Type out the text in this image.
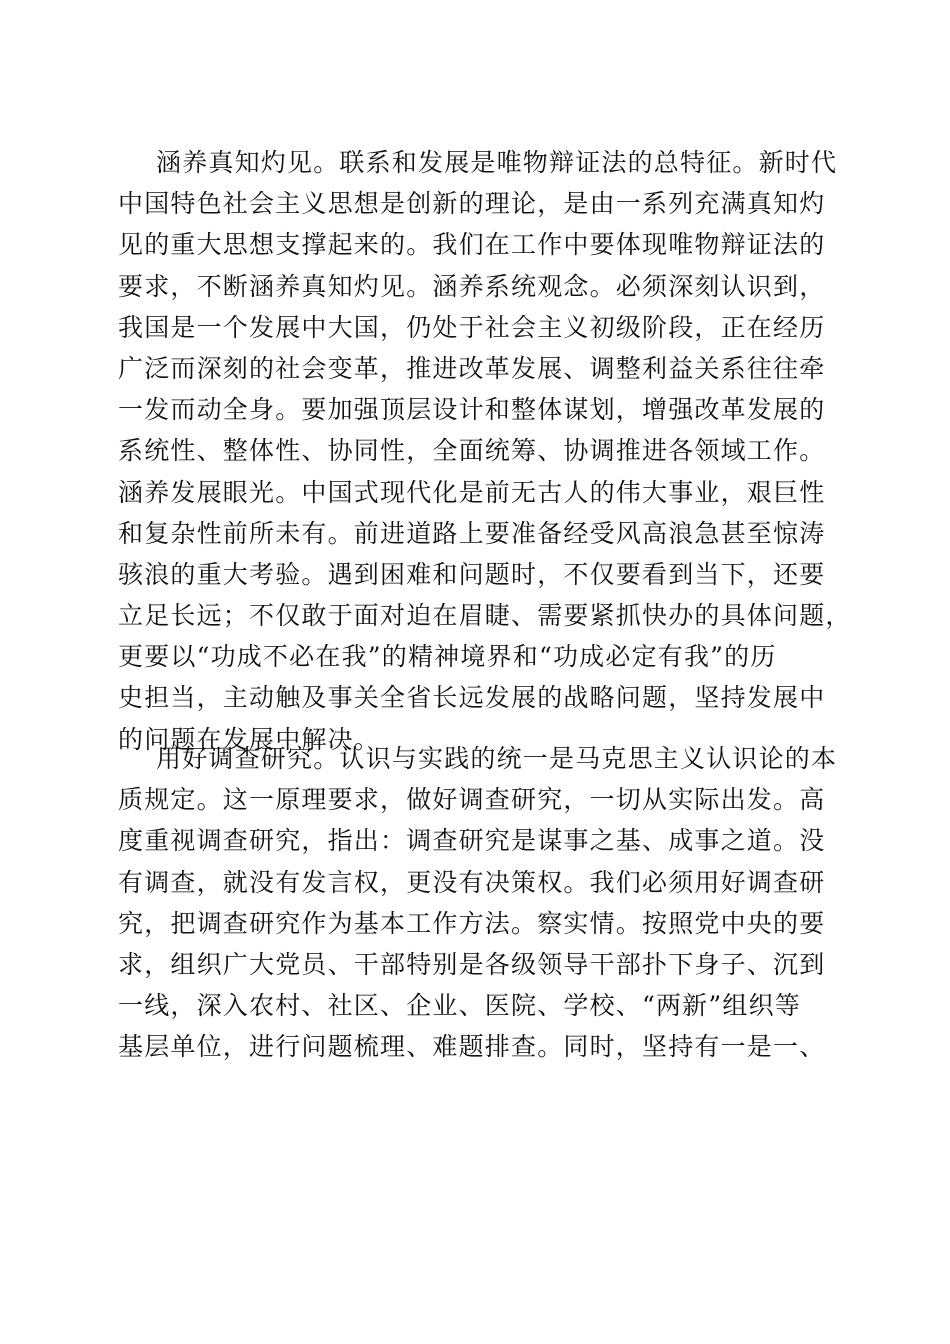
涵养真知灼见。联系和发展是唯物辩证法的总特征。新时代
中国特色社会主义思想是创新的理论，是由一系列充满真知灼
见的重大思想支撑起来的。我们在工作中要体现唯物辩证法的
要求，不断涵养真知灼见。涵养系统观念。必须深刻认识到，
我国是一个发展中大国，仍处于社会主义初级阶段，正在经历
广泛而深刻的社会变革，推进改革发展、调整利益关系往往牵
一发而动全身。要加强顶层设计和整体谋划，增强改革发展的
系统性、整体性、协同性，全面统筹、协调推进各领域工作。
涵养发展眼光。中国式现代化是前无古人的伟大事业，艰巨性
和复杂性前所未有。前进道路上要准备经受风高浪急甚至惊涛
骇浪的重大考验。遇到困难和问题时，不仅要看到当下，还要
立足长远；不仅敢于面对迫在眉睫、需要紧抓快办的具体问题，
更要以“功成不必在我”的精神境界和“功成必定有我”的历
史担当，主动触及事关全省长远发展的战略问题，坚持发展中
的问题在发展中解决。
用好调查研究。认识与实践的统一是马克思主义认识论的本
质规定。这一原理要求，做好调查研究，一切从实际出发。高
度重视调查研究，指出：调查研究是谋事之基、成事之道。没
有调查，就没有发言权，更没有决策权。我们必须用好调查研
究，把调查研究作为基本工作方法。察实情。按照党中央的要
求，组织广大党员、干部特别是各级领导干部扑下身子、沉到
一线，深入农村、社区、企业、医院、学校、“两新”组织等
基层单位，进行问题梳理、难题排查。同时，坚持有一是一、
